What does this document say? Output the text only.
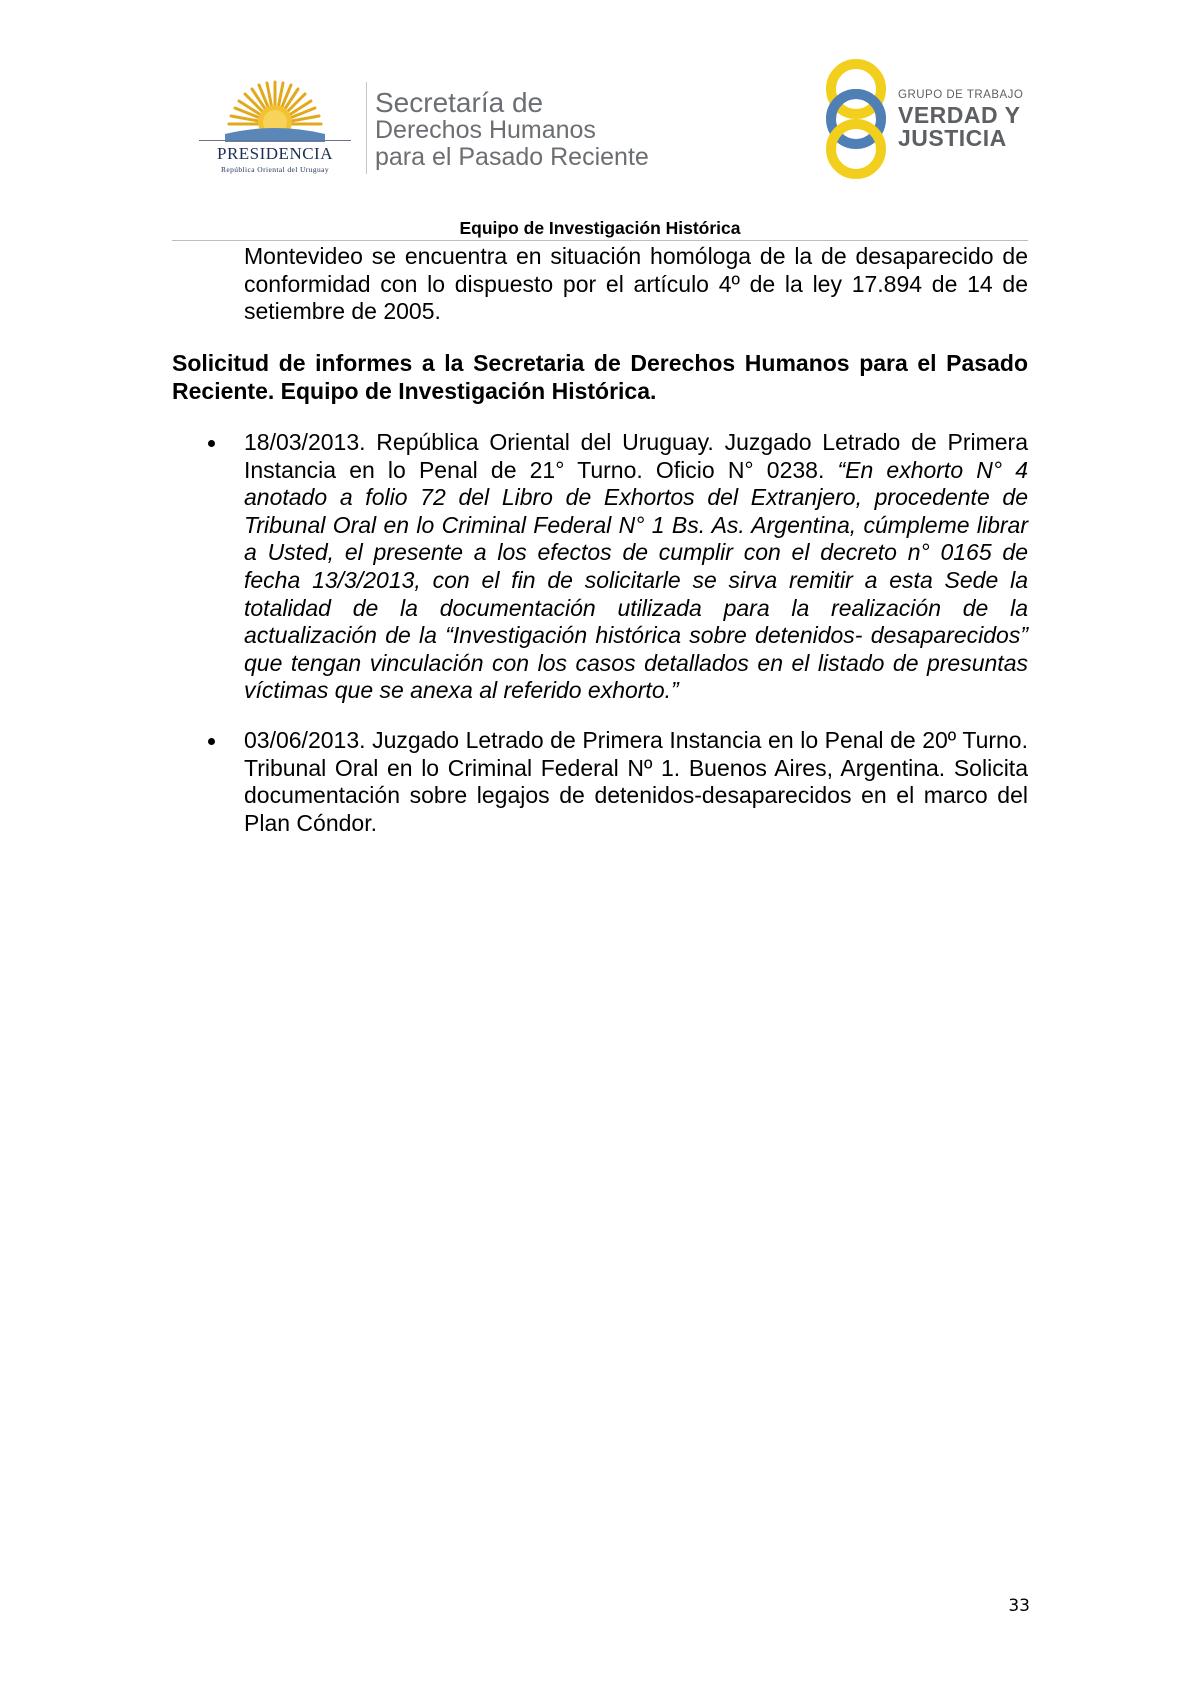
PRESIDENCIA
República Oriental del Uruguay
Secretaría de
Derechos Humanos
para el Pasado Reciente
GRUPO DE TRABAJO
VERDAD Y
JUSTICIA
Equipo de Investigación Histórica
Montevideo se encuentra en situación homóloga de la de desaparecido de conformidad con lo dispuesto por el artículo 4º de la ley 17.894 de 14 de setiembre de 2005.
Solicitud de informes a la Secretaria de Derechos Humanos para el Pasado Reciente. Equipo de Investigación Histórica.
18/03/2013. República Oriental del Uruguay. Juzgado Letrado de Primera Instancia en lo Penal de 21° Turno. Oficio N° 0238. “En exhorto N° 4 anotado a folio 72 del Libro de Exhortos del Extranjero, procedente de Tribunal Oral en lo Criminal Federal N° 1 Bs. As. Argentina, cúmpleme librar a Usted, el presente a los efectos de cumplir con el decreto n° 0165 de fecha 13/3/2013, con el fin de solicitarle se sirva remitir a esta Sede la totalidad de la documentación utilizada para la realización de la actualización de la “Investigación histórica sobre detenidos- desaparecidos” que tengan vinculación con los casos detallados en el listado de presuntas víctimas que se anexa al referido exhorto.”
03/06/2013. Juzgado Letrado de Primera Instancia en lo Penal de 20º Turno. Tribunal Oral en lo Criminal Federal Nº 1. Buenos Aires, Argentina. Solicita documentación sobre legajos de detenidos-desaparecidos en el marco del Plan Cóndor.
33
